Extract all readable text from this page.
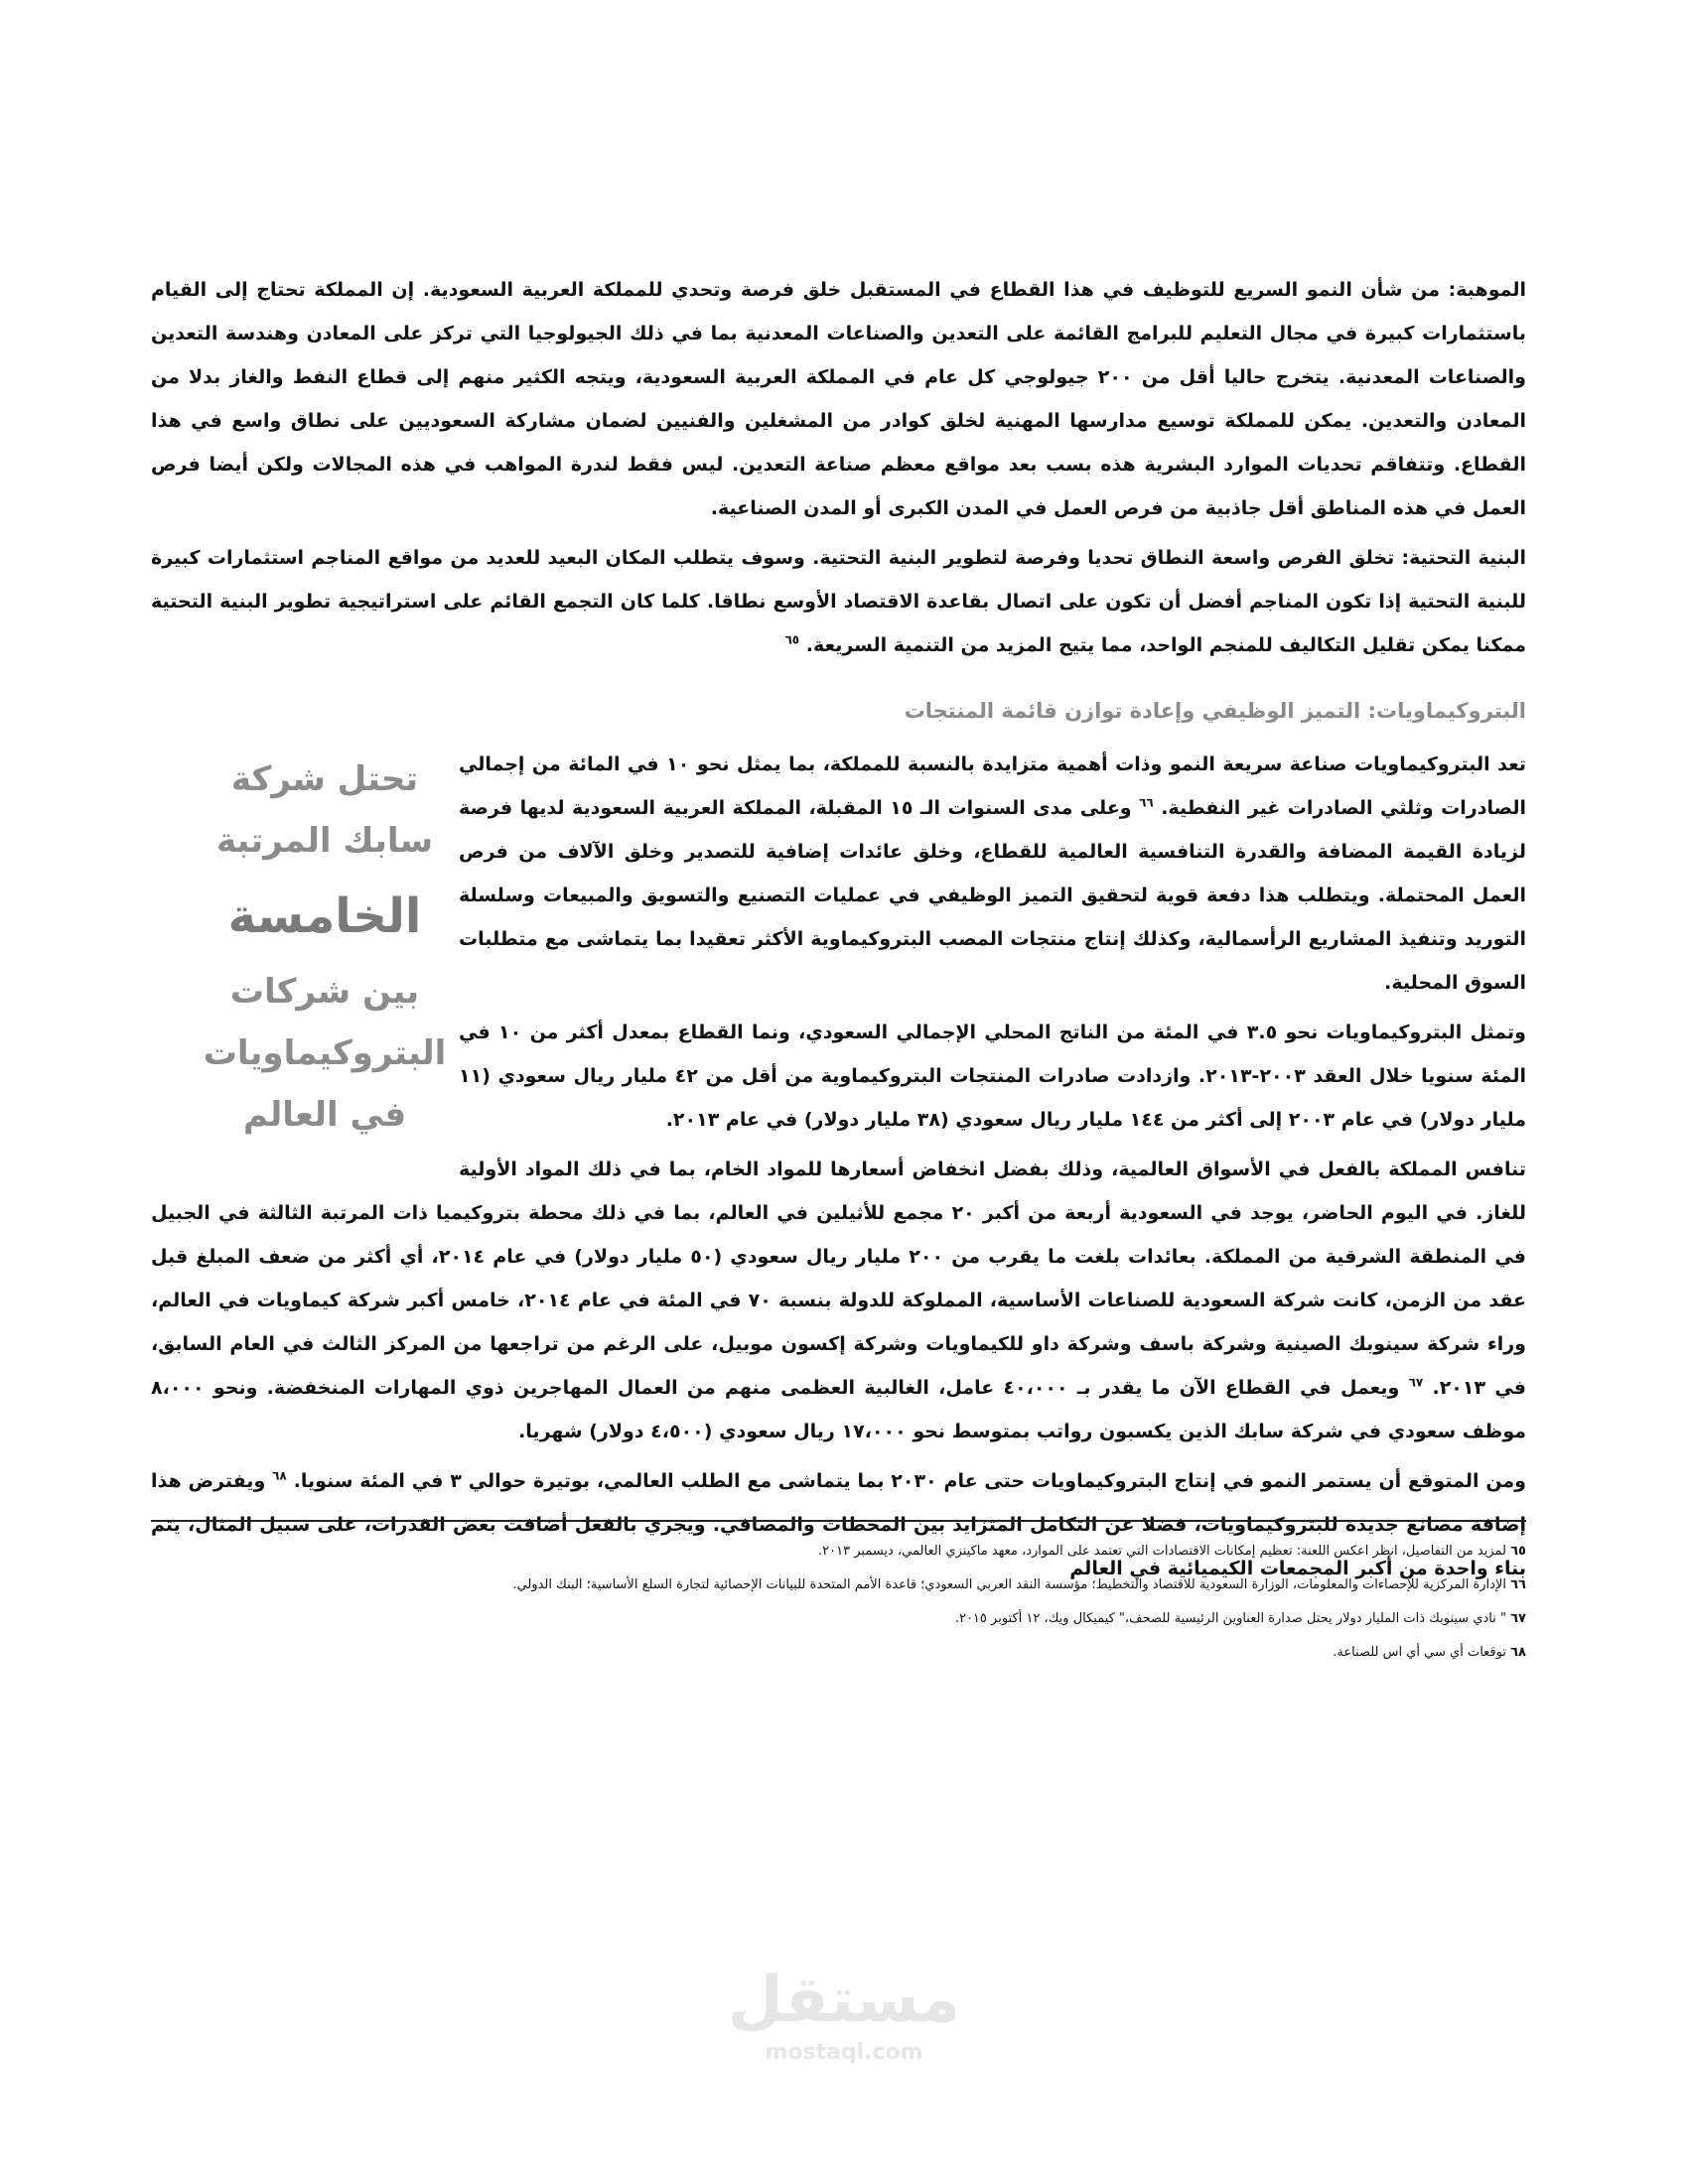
الموهبة: من شأن النمو السريع للتوظيف في هذا القطاع في المستقبل خلق فرصة وتحدي للمملكة العربية السعودية. إن المملكة تحتاج إلى القيام باستثمارات كبيرة في مجال التعليم للبرامج القائمة على التعدين والصناعات المعدنية بما في ذلك الجيولوجيا التي تركز على المعادن وهندسة التعدين والصناعات المعدنية. يتخرج حاليا أقل من ٢٠٠ جيولوجي كل عام في المملكة العربية السعودية، ويتجه الكثير منهم إلى قطاع النفط والغاز بدلا من المعادن والتعدين. يمكن للمملكة توسيع مدارسها المهنية لخلق كوادر من المشغلين والفنيين لضمان مشاركة السعوديين على نطاق واسع في هذا القطاع. وتتفاقم تحديات الموارد البشرية هذه بسب بعد مواقع معظم صناعة التعدين. ليس فقط لندرة المواهب في هذه المجالات ولكن أيضا فرص العمل في هذه المناطق أقل جاذبية من فرص العمل في المدن الكبرى أو المدن الصناعية.

البنية التحتية: تخلق الفرص واسعة النطاق تحديا وفرصة لتطوير البنية التحتية. وسوف يتطلب المكان البعيد للعديد من مواقع المناجم استثمارات كبيرة للبنية التحتية إذا تكون المناجم أفضل أن تكون على اتصال بقاعدة الاقتصاد الأوسع نطاقا. كلما كان التجمع القائم على استراتيجية تطوير البنية التحتية ممكنا يمكن تقليل التكاليف للمنجم الواحد، مما يتيح المزيد من التنمية السريعة. $^{٦٥}$

البتروكيماويات: التميز الوظيفي وإعادة توازن قائمة المنتجات
تحتل شركة
سابك المرتبة
الخامسة
بين شركات
البتروكيماويات
في العالم

تعد البتروكيماويات صناعة سريعة النمو وذات أهمية متزايدة بالنسبة للمملكة، بما يمثل نحو ١٠ في المائة من إجمالي الصادرات وثلثي الصادرات غير النفطية. $^{٦٦}$ وعلى مدى السنوات الـ ١٥ المقبلة، المملكة العربية السعودية لديها فرصة لزيادة القيمة المضافة والقدرة التنافسية العالمية للقطاع، وخلق عائدات إضافية للتصدير وخلق الآلاف من فرص العمل المحتملة. ويتطلب هذا دفعة قوية لتحقيق التميز الوظيفي في عمليات التصنيع والتسويق والمبيعات وسلسلة التوريد وتنفيذ المشاريع الرأسمالية، وكذلك إنتاج منتجات المصب البتروكيماوية الأكثر تعقيدا بما يتماشى مع متطلبات السوق المحلية.

وتمثل البتروكيماويات نحو ٣.٥ في المئة من الناتج المحلي الإجمالي السعودي، ونما القطاع بمعدل أكثر من ١٠ في المئة سنويا خلال العقد ٢٠٠٣-٢٠١٣. وازدادت صادرات المنتجات البتروكيماوية من أقل من ٤٢ مليار ريال سعودي (١١ مليار دولار) في عام ٢٠٠٣ إلى أكثر من ١٤٤ مليار ريال سعودي (٣٨ مليار دولار) في عام ٢٠١٣.

تنافس المملكة بالفعل في الأسواق العالمية، وذلك بفضل انخفاض أسعارها للمواد الخام، بما في ذلك المواد الأولية للغاز. في اليوم الحاضر، يوجد في السعودية أربعة من أكبر ٢٠ مجمع للأثيلين في العالم، بما في ذلك محطة بتروكيميا ذات المرتبة الثالثة في الجبيل في المنطقة الشرقية من المملكة. بعائدات بلغت ما يقرب من ٢٠٠ مليار ريال سعودي (٥٠ مليار دولار) في عام ٢٠١٤، أي أكثر من ضعف المبلغ قبل عقد من الزمن، كانت شركة السعودية للصناعات الأساسية، المملوكة للدولة بنسبة ٧٠ في المئة في عام ٢٠١٤، خامس أكبر شركة كيماويات في العالم، وراء شركة سينوبك الصينية وشركة باسف وشركة داو للكيماويات وشركة إكسون موبيل، على الرغم من تراجعها من المركز الثالث في العام السابق، في ٢٠١٣. $^{٦٧}$ ويعمل في القطاع الآن ما يقدر بـ ٤٠،٠٠٠ عامل، الغالبية العظمى منهم من العمال المهاجرين ذوي المهارات المنخفضة. ونحو ٨،٠٠٠ موظف سعودي في شركة سابك الذين يكسبون رواتب بمتوسط نحو ١٧،٠٠٠ ريال سعودي (٤،٥٠٠ دولار) شهريا.

ومن المتوقع أن يستمر النمو في إنتاج البتروكيماويات حتى عام ٢٠٣٠ بما يتماشى مع الطلب العالمي، بوتيرة حوالي ٣ في المئة سنويا. $^{٦٨}$ ويفترض هذا إضافة مصانع جديدة للبتروكيماويات، فضلا عن التكامل المتزايد بين المحطات والمصافي. ويجري بالفعل أضافت بعض القدرات، على سبيل المثال، يتم بناء واحدة من أكبر المجمعات الكيميائية في العالم

٦٥ لمزيد من التفاصيل، انظر اعكس اللعنة: تعظيم إمكانات الاقتصادات التي تعتمد على الموارد، معهد ماكينزي العالمي، ديسمبر ٢٠١٣.

٦٦ الإدارة المركزية للإحصاءات والمعلومات، الوزارة السعودية للاقتصاد والتخطيط؛ مؤسسة النقد العربي السعودي؛ قاعدة الأمم المتحدة للبيانات الإحصائية لتجارة السلع الأساسية؛ البنك الدولي.

٦٧ " نادي سينوبك ذات المليار دولار يحتل صدارة العناوين الرئيسية للصحف،" كيميكال ويك، ١٢ أكتوبر ٢٠١٥.

٦٨ توقعات أي سي أي اس للصناعة.

مستقل
mostaql.com
